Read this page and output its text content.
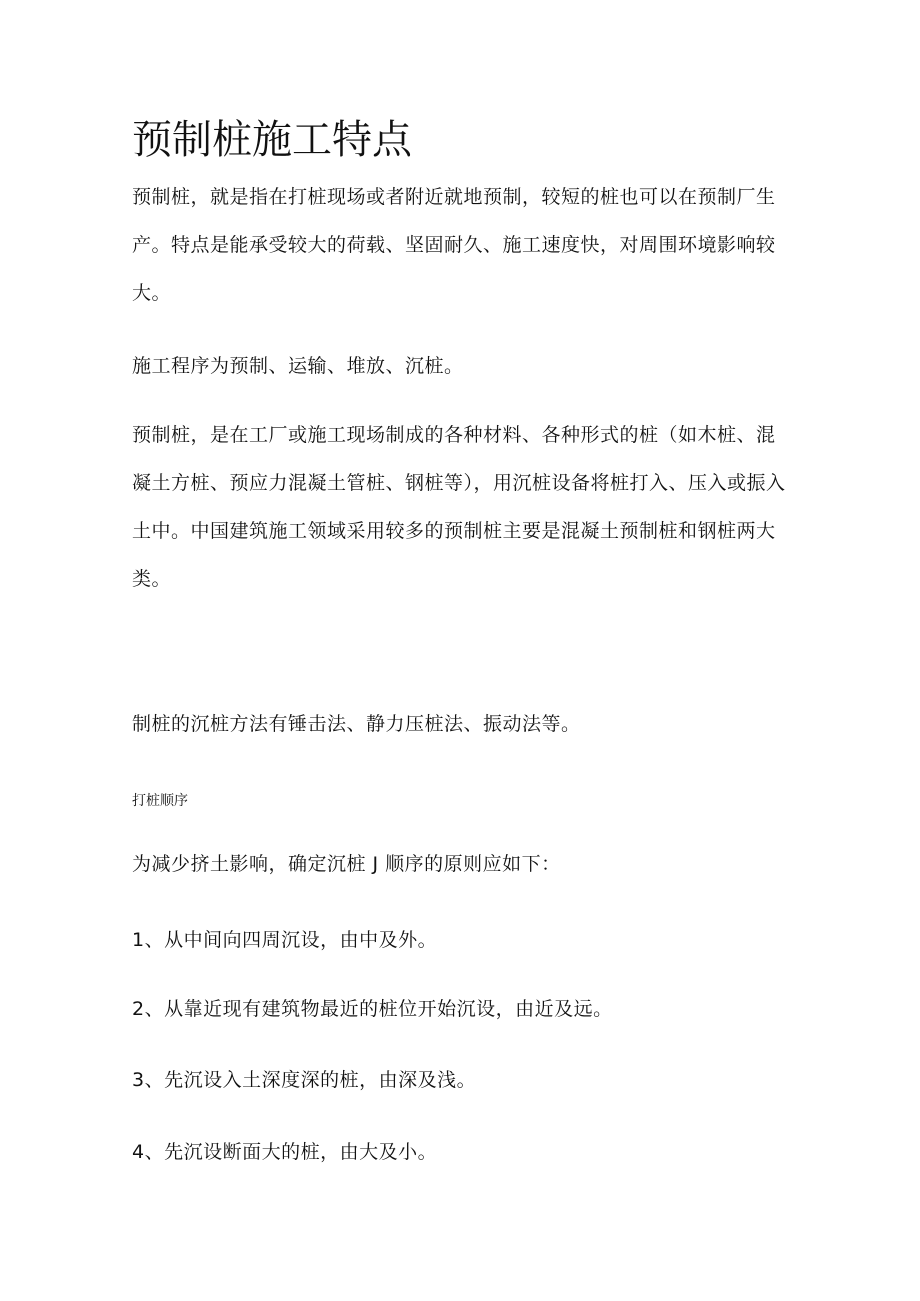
预制桩施工特点

预制桩，就是指在打桩现场或者附近就地预制，较短的桩也可以在预制厂生产。特点是能承受较大的荷载、坚固耐久、施工速度快，对周围环境影响较大。

施工程序为预制、运输、堆放、沉桩。

预制桩，是在工厂或施工现场制成的各种材料、各种形式的桩（如木桩、混凝土方桩、预应力混凝土管桩、钢桩等），用沉桩设备将桩打入、压入或振入土中。中国建筑施工领域采用较多的预制桩主要是混凝土预制桩和钢桩两大类。

制桩的沉桩方法有锤击法、静力压桩法、振动法等。

打桩顺序

为减少挤土影响，确定沉桩 J 顺序的原则应如下：

1、从中间向四周沉设，由中及外。

2、从靠近现有建筑物最近的桩位开始沉设，由近及远。

3、先沉设入土深度深的桩，由深及浅。

4、先沉设断面大的桩，由大及小。
